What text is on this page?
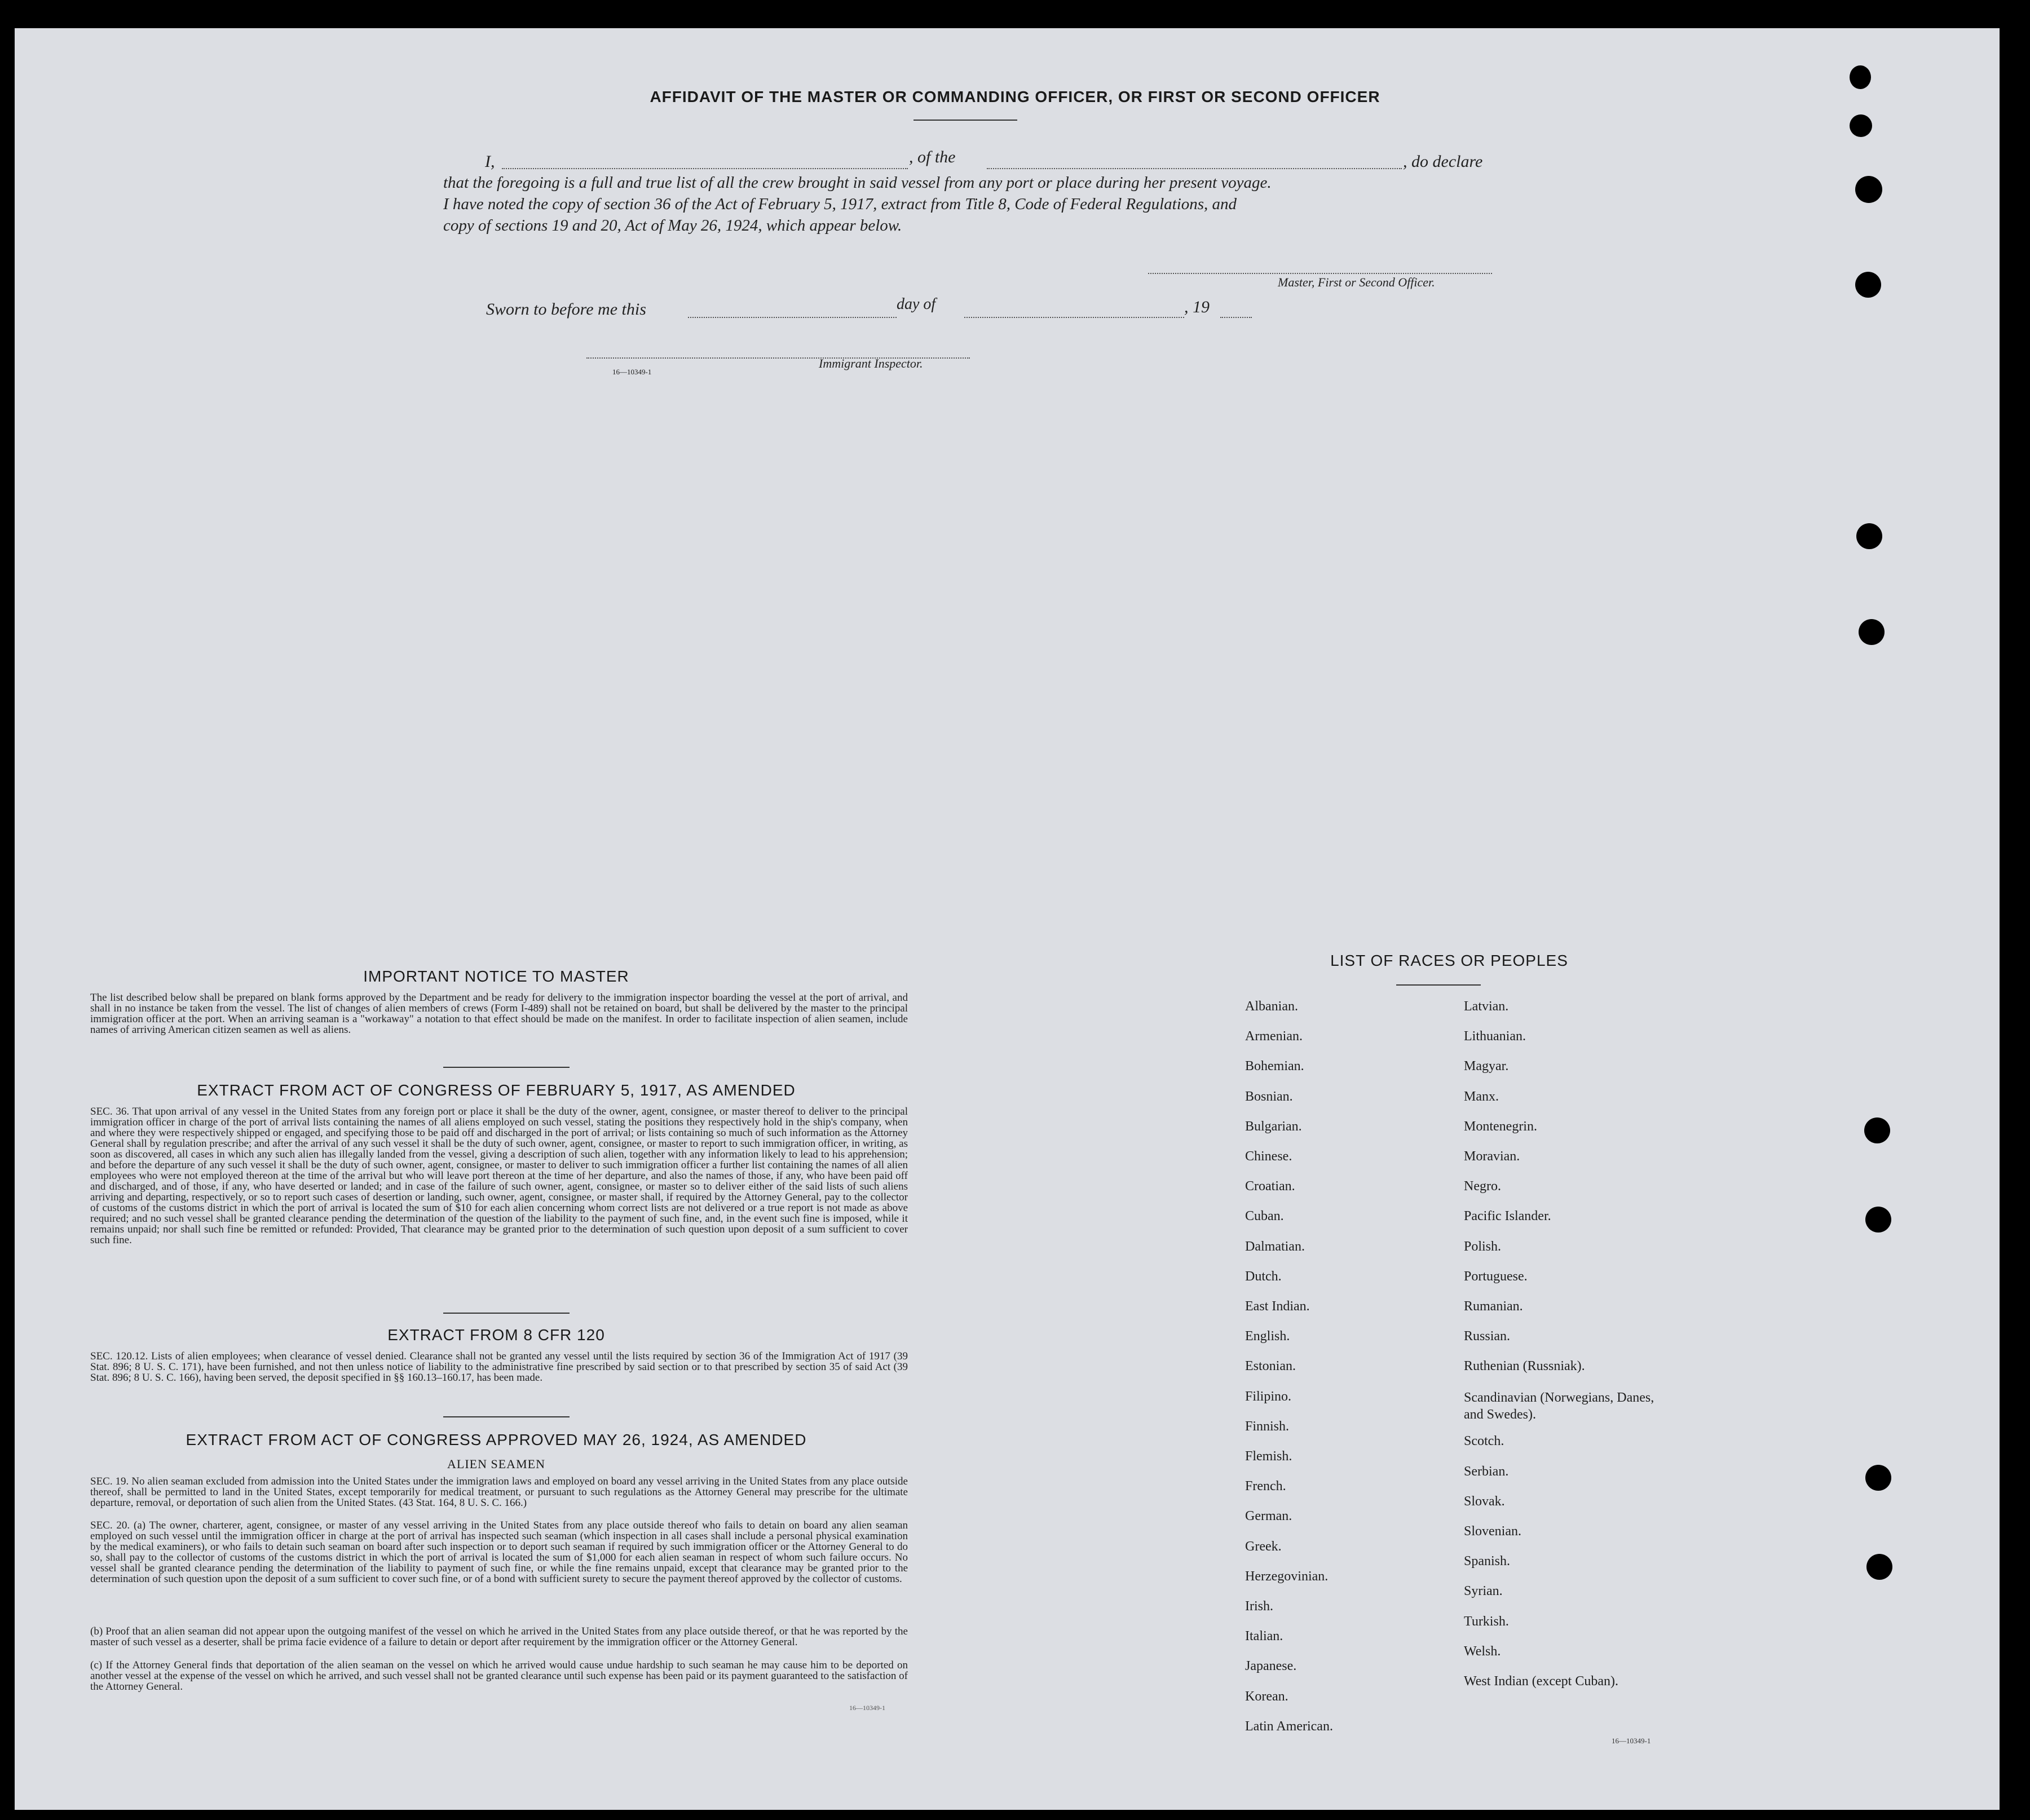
AFFIDAVIT OF THE MASTER OR COMMANDING OFFICER, OR FIRST OR SECOND OFFICER
I,	, of the	, do declare
that the foregoing is a full and true list of all the crew brought in said vessel from any port or place during her present voyage.
I have noted the copy of section 36 of the Act of February 5, 1917, extract from Title 8, Code of Federal Regulations, and
copy of sections 19 and 20, Act of May 26, 1924, which appear below.
Master, First or Second Officer.
Sworn to before me this	day of	, 19
16—10349-1
Immigrant Inspector.
IMPORTANT NOTICE TO MASTER
The list described below shall be prepared on blank forms approved by the Department and be ready for delivery to the immigration inspector boarding the vessel at the port of arrival, and shall in no instance be taken from the vessel. The list of changes of alien members of crews (Form I-489) shall not be retained on board, but shall be delivered by the master to the principal immigration officer at the port. When an arriving seaman is a "workaway" a notation to that effect should be made on the manifest. In order to facilitate inspection of alien seamen, include names of arriving American citizen seamen as well as aliens.
EXTRACT FROM ACT OF CONGRESS OF FEBRUARY 5, 1917, AS AMENDED
SEC. 36. That upon arrival of any vessel in the United States from any foreign port or place it shall be the duty of the owner, agent, consignee, or master thereof to deliver to the principal immigration officer in charge of the port of arrival lists containing the names of all aliens employed on such vessel, stating the positions they respectively hold in the ship's company, when and where they were respectively shipped or engaged, and specifying those to be paid off and discharged in the port of arrival; or lists containing so much of such information as the Attorney General shall by regulation prescribe; and after the arrival of any such vessel it shall be the duty of such owner, agent, consignee, or master to report to such immigration officer, in writing, as soon as discovered, all cases in which any such alien has illegally landed from the vessel, giving a description of such alien, together with any information likely to lead to his apprehension; and before the departure of any such vessel it shall be the duty of such owner, agent, consignee, or master to deliver to such immigration officer a further list containing the names of all alien employees who were not employed thereon at the time of the arrival but who will leave port thereon at the time of her departure, and also the names of those, if any, who have been paid off and discharged, and of those, if any, who have deserted or landed; and in case of the failure of such owner, agent, consignee, or master so to deliver either of the said lists of such aliens arriving and departing, respectively, or so to report such cases of desertion or landing, such owner, agent, consignee, or master shall, if required by the Attorney General, pay to the collector of customs of the customs district in which the port of arrival is located the sum of $10 for each alien concerning whom correct lists are not delivered or a true report is not made as above required; and no such vessel shall be granted clearance pending the determination of the question of the liability to the payment of such fine, and, in the event such fine is imposed, while it remains unpaid; nor shall such fine be remitted or refunded: Provided, That clearance may be granted prior to the determination of such question upon deposit of a sum sufficient to cover such fine.
EXTRACT FROM 8 CFR 120
SEC. 120.12. Lists of alien employees; when clearance of vessel denied. Clearance shall not be granted any vessel until the lists required by section 36 of the Immigration Act of 1917 (39 Stat. 896; 8 U. S. C. 171), have been furnished, and not then unless notice of liability to the administrative fine prescribed by said section or to that prescribed by section 35 of said Act (39 Stat. 896; 8 U. S. C. 166), having been served, the deposit specified in §§ 160.13–160.17, has been made.
EXTRACT FROM ACT OF CONGRESS APPROVED MAY 26, 1924, AS AMENDED
ALIEN SEAMEN
SEC. 19. No alien seaman excluded from admission into the United States under the immigration laws and employed on board any vessel arriving in the United States from any place outside thereof, shall be permitted to land in the United States, except temporarily for medical treatment, or pursuant to such regulations as the Attorney General may prescribe for the ultimate departure, removal, or deportation of such alien from the United States. (43 Stat. 164, 8 U. S. C. 166.)
SEC. 20. (a) The owner, charterer, agent, consignee, or master of any vessel arriving in the United States from any place outside thereof who fails to detain on board any alien seaman employed on such vessel until the immigration officer in charge at the port of arrival has inspected such seaman (which inspection in all cases shall include a personal physical examination by the medical examiners), or who fails to detain such seaman on board after such inspection or to deport such seaman if required by such immigration officer or the Attorney General to do so, shall pay to the collector of customs of the customs district in which the port of arrival is located the sum of $1,000 for each alien seaman in respect of whom such failure occurs. No vessel shall be granted clearance pending the determination of the liability to payment of such fine, or while the fine remains unpaid, except that clearance may be granted prior to the determination of such question upon the deposit of a sum sufficient to cover such fine, or of a bond with sufficient surety to secure the payment thereof approved by the collector of customs.
(b) Proof that an alien seaman did not appear upon the outgoing manifest of the vessel on which he arrived in the United States from any place outside thereof, or that he was reported by the master of such vessel as a deserter, shall be prima facie evidence of a failure to detain or deport after requirement by the immigration officer or the Attorney General.
(c) If the Attorney General finds that deportation of the alien seaman on the vessel on which he arrived would cause undue hardship to such seaman he may cause him to be deported on another vessel at the expense of the vessel on which he arrived, and such vessel shall not be granted clearance until such expense has been paid or its payment guaranteed to the satisfaction of the Attorney General.
16—10349-1
LIST OF RACES OR PEOPLES
Albanian.
Armenian.
Bohemian.
Bosnian.
Bulgarian.
Chinese.
Croatian.
Cuban.
Dalmatian.
Dutch.
East Indian.
English.
Estonian.
Filipino.
Finnish.
Flemish.
French.
German.
Greek.
Herzegovinian.
Irish.
Italian.
Japanese.
Korean.
Latin American.
Latvian.
Lithuanian.
Magyar.
Manx.
Montenegrin.
Moravian.
Negro.
Pacific Islander.
Polish.
Portuguese.
Rumanian.
Russian.
Ruthenian (Russniak).
Scandinavian (Norwegians, Danes, and Swedes).
Scotch.
Serbian.
Slovak.
Slovenian.
Spanish.
Syrian.
Turkish.
Welsh.
West Indian (except Cuban).
16—10349-1
